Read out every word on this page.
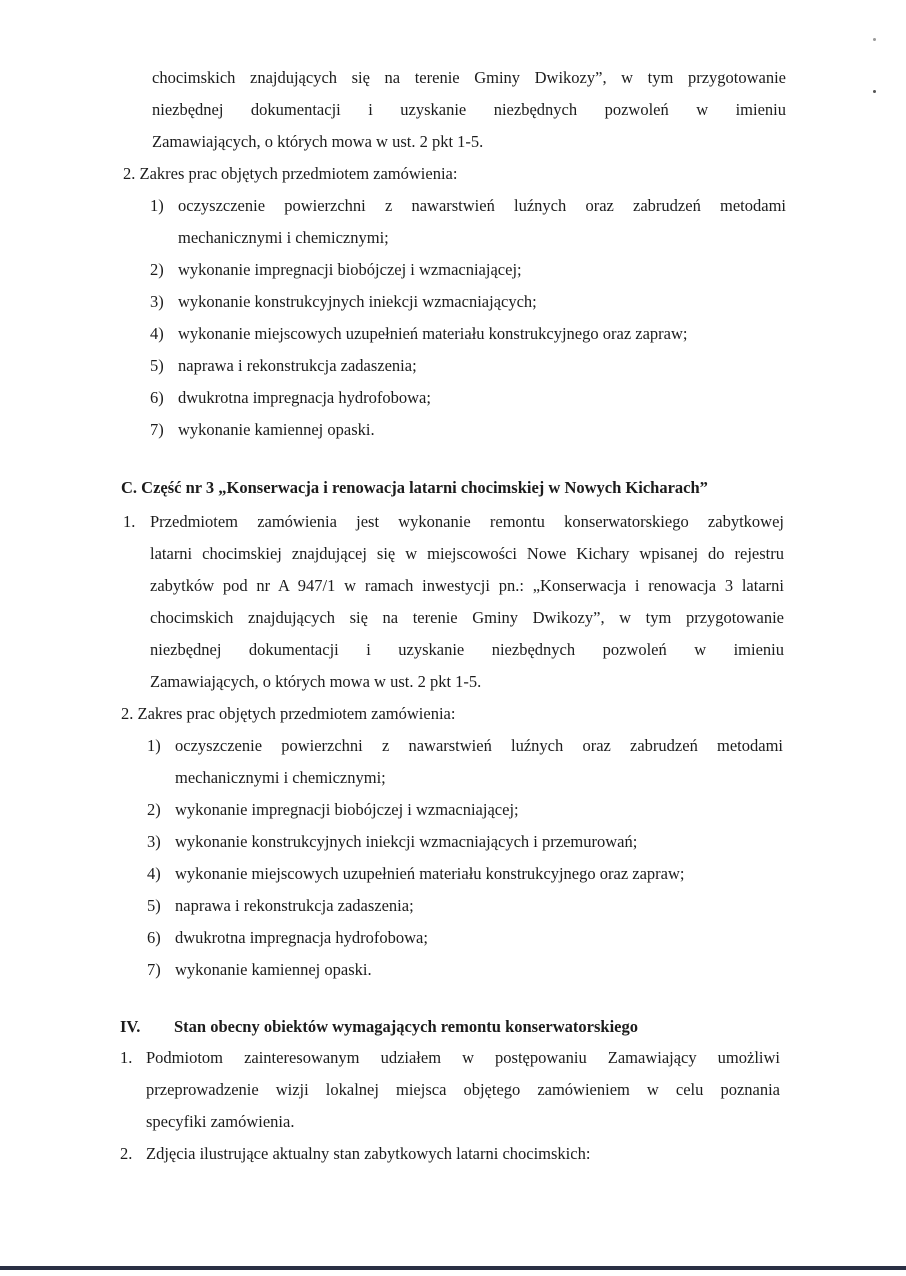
chocimskich znajdujących się na terenie Gminy Dwikozy”, w tym przygotowanie
niezbędnej dokumentacji i uzyskanie niezbędnych pozwoleń w imieniu
Zamawiających, o których mowa w ust. 2 pkt 1-5.
2. Zakres prac objętych przedmiotem zamówienia:
1) oczyszczenie powierzchni z nawarstwień luźnych oraz zabrudzeń metodami
mechanicznymi i chemicznymi;
2) wykonanie impregnacji biobójczej i wzmacniającej;
3) wykonanie konstrukcyjnych iniekcji wzmacniających;
4) wykonanie miejscowych uzupełnień materiału konstrukcyjnego oraz zapraw;
5) naprawa i rekonstrukcja zadaszenia;
6) dwukrotna impregnacja hydrofobowa;
7) wykonanie kamiennej opaski.
C. Część nr 3 „Konserwacja i renowacja latarni chocimskiej w Nowych Kicharach”
1. Przedmiotem zamówienia jest wykonanie remontu konserwatorskiego zabytkowej
latarni chocimskiej znajdującej się w miejscowości Nowe Kichary wpisanej do rejestru
zabytków pod nr A 947/1 w ramach inwestycji pn.: „Konserwacja i renowacja 3 latarni
chocimskich znajdujących się na terenie Gminy Dwikozy”, w tym przygotowanie
niezbędnej dokumentacji i uzyskanie niezbędnych pozwoleń w imieniu
Zamawiających, o których mowa w ust. 2 pkt 1-5.
2. Zakres prac objętych przedmiotem zamówienia:
1) oczyszczenie powierzchni z nawarstwień luźnych oraz zabrudzeń metodami
mechanicznymi i chemicznymi;
2) wykonanie impregnacji biobójczej i wzmacniającej;
3) wykonanie konstrukcyjnych iniekcji wzmacniających i przemurowań;
4) wykonanie miejscowych uzupełnień materiału konstrukcyjnego oraz zapraw;
5) naprawa i rekonstrukcja zadaszenia;
6) dwukrotna impregnacja hydrofobowa;
7) wykonanie kamiennej opaski.
IV. Stan obecny obiektów wymagających remontu konserwatorskiego
1. Podmiotom zainteresowanym udziałem w postępowaniu Zamawiający umożliwi
przeprowadzenie wizji lokalnej miejsca objętego zamówieniem w celu poznania
specyfiki zamówienia.
2. Zdjęcia ilustrujące aktualny stan zabytkowych latarni chocimskich:
